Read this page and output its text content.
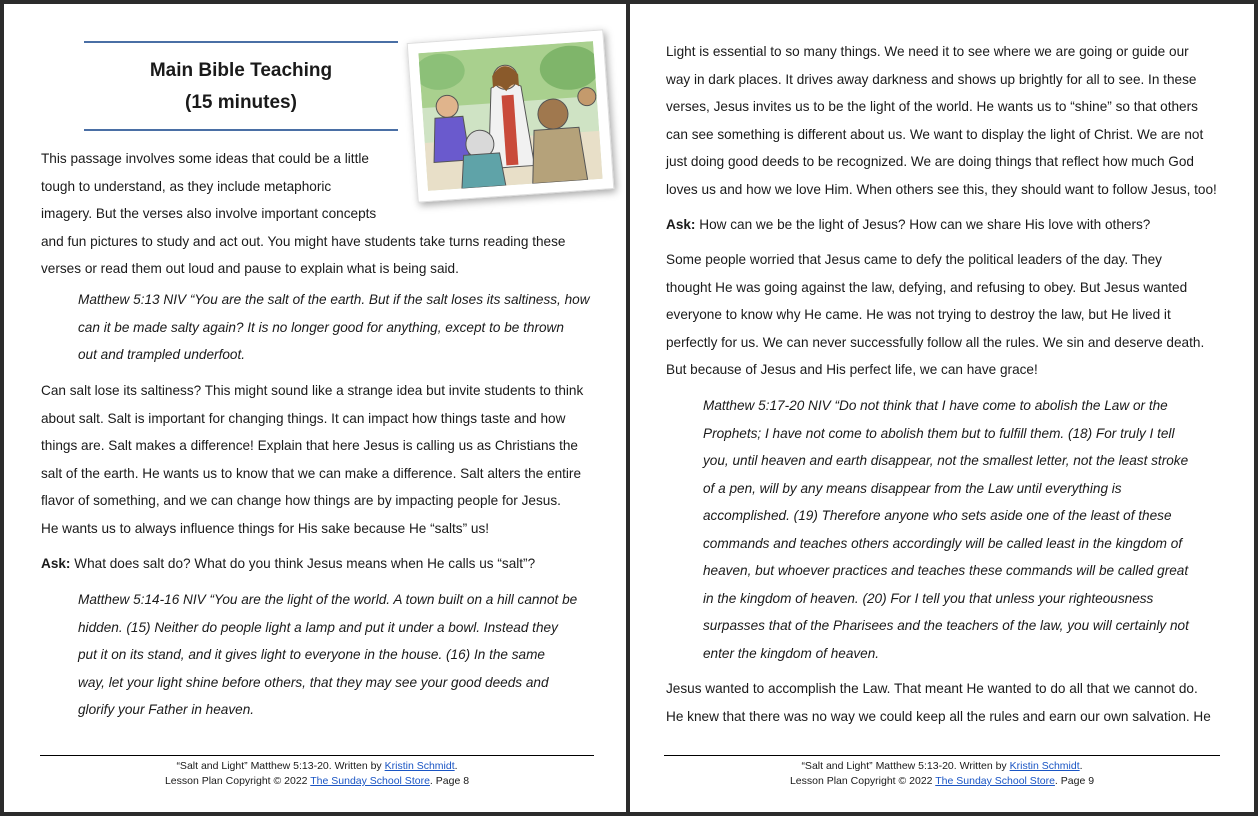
Main Bible Teaching
(15 minutes)

This passage involves some ideas that could be a little

tough to understand, as they include metaphoric

imagery. But the verses also involve important concepts

and fun pictures to study and act out. You might have students take turns reading these

verses or read them out loud and pause to explain what is being said.

Matthew 5:13 NIV “You are the salt of the earth. But if the salt loses its saltiness, how

can it be made salty again? It is no longer good for anything, except to be thrown

out and trampled underfoot.

Can salt lose its saltiness? This might sound like a strange idea but invite students to think

about salt. Salt is important for changing things. It can impact how things taste and how

things are. Salt makes a difference! Explain that here Jesus is calling us as Christians the

salt of the earth. He wants us to know that we can make a difference. Salt alters the entire

flavor of something, and we can change how things are by impacting people for Jesus.

He wants us to always influence things for His sake because He “salts” us!

Ask: What does salt do? What do you think Jesus means when He calls us “salt”?

Matthew 5:14-16 NIV “You are the light of the world. A town built on a hill cannot be

hidden. (15) Neither do people light a lamp and put it under a bowl. Instead they

put it on its stand, and it gives light to everyone in the house. (16) In the same

way, let your light shine before others, that they may see your good deeds and

glorify your Father in heaven.

“Salt and Light” Matthew 5:13-20. Written by Kristin Schmidt.
Lesson Plan Copyright © 2022 The Sunday School Store. Page 8

Light is essential to so many things. We need it to see where we are going or guide our

way in dark places. It drives away darkness and shows up brightly for all to see. In these

verses, Jesus invites us to be the light of the world. He wants us to “shine” so that others

can see something is different about us. We want to display the light of Christ. We are not

just doing good deeds to be recognized. We are doing things that reflect how much God

loves us and how we love Him. When others see this, they should want to follow Jesus, too!

Ask: How can we be the light of Jesus? How can we share His love with others?

Some people worried that Jesus came to defy the political leaders of the day. They

thought He was going against the law, defying, and refusing to obey. But Jesus wanted

everyone to know why He came. He was not trying to destroy the law, but He lived it

perfectly for us. We can never successfully follow all the rules. We sin and deserve death.

But because of Jesus and His perfect life, we can have grace!

Matthew 5:17-20 NIV “Do not think that I have come to abolish the Law or the

Prophets; I have not come to abolish them but to fulfill them. (18) For truly I tell

you, until heaven and earth disappear, not the smallest letter, not the least stroke

of a pen, will by any means disappear from the Law until everything is

accomplished. (19) Therefore anyone who sets aside one of the least of these

commands and teaches others accordingly will be called least in the kingdom of

heaven, but whoever practices and teaches these commands will be called great

in the kingdom of heaven. (20) For I tell you that unless your righteousness

surpasses that of the Pharisees and the teachers of the law, you will certainly not

enter the kingdom of heaven.

Jesus wanted to accomplish the Law. That meant He wanted to do all that we cannot do.

He knew that there was no way we could keep all the rules and earn our own salvation. He

“Salt and Light” Matthew 5:13-20. Written by Kristin Schmidt.
Lesson Plan Copyright © 2022 The Sunday School Store. Page 9
